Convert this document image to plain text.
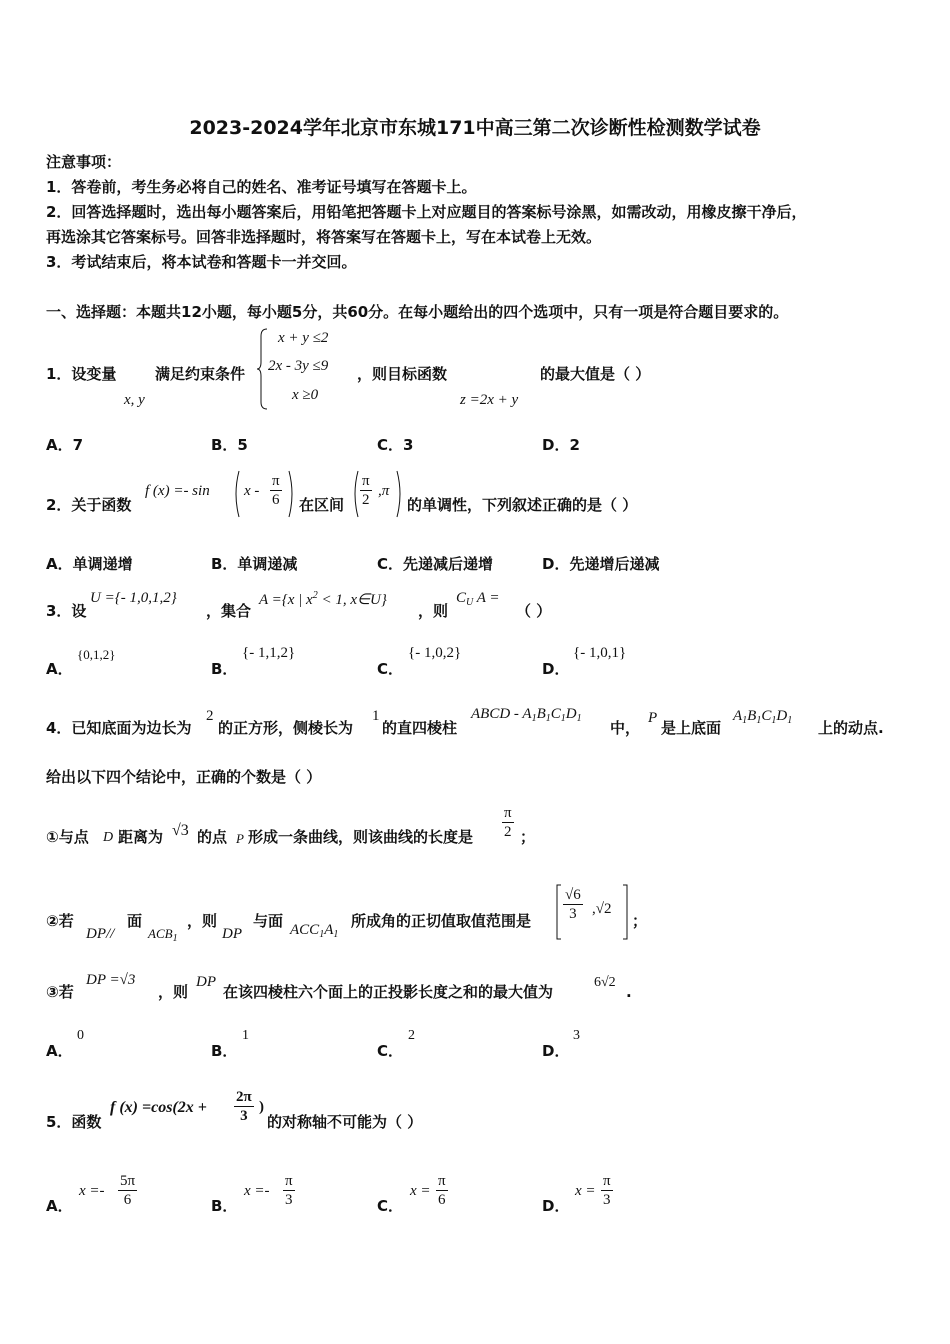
2023-2024学年北京市东城171中高三第二次诊断性检测数学试卷
注意事项：
1．答卷前，考生务必将自己的姓名、准考证号填写在答题卡上。
2．回答选择题时，选出每小题答案后，用铅笔把答题卡上对应题目的答案标号涂黑，如需改动，用橡皮擦干净后，
再选涂其它答案标号。回答非选择题时，将答案写在答题卡上，写在本试卷上无效。
3．考试结束后，将本试卷和答题卡一并交回。
一、选择题：本题共12小题，每小题5分，共60分。在每小题给出的四个选项中，只有一项是符合题目要求的。
1．设变量
x, y
满足约束条件
x + y ≤2
2x - 3y ≤9
x ≥0
，则目标函数
z =2x + y
的最大值是（ ）
A．7	B．5	C．3	D．2
2．关于函数
f $(x) =- \sin x - \frac{\pi}{6}$ 在区间 $\frac{\pi}{2} ,\pi$
的单调性，下列叙述正确的是（ ）
A．单调递增	B．单调递减	C．先递减后递增	D．先递增后递减
3．设
U ={- 1,0,1,2}
，集合
A ={x | $x^2 < 1$, x∈U}
，则
$C_U$ A =
（ ）
A．
{0,1,2}
B．
{- 1,1,2}
C．
{- 1,0,2}
D．
{- 1,0,1}
4．已知底面为边长为
2
的正方形，侧棱长为
1
的直四棱柱
ABCD - $A_1B_1C_1D_1$
中，
P
是上底面
$A_1B_1C_1D_1$ 上的动点.
给出以下四个结论中，正确的个数是（ ）
①与点 D 距离为 √3 的点 P 形成一条曲线，则该曲线的长度是 $\frac{\pi}{2}$ ；
②若
DP//
面
$ACB_1$
，则
DP
与面 $ACC_1A_1$
所成角的正切值取值范围是 $\frac{√6}{3} ,√2$
；
③若
DP =√3
，则
DP
在该四棱柱六个面上的正投影长度之和的最大值为
6√2
.
A．
0
B．
1
C．
2
D．
3
5．函数
f $(x) =\cos(2x + \frac{2\pi}{3}$ )
的对称轴不可能为（ ）
A．
$x =- \frac{5\pi}{6}$	B．
$x =- \frac{\pi}{3}$	C．
$x = \frac{\pi}{6}$	D．
$x = \frac{\pi}{3}$
